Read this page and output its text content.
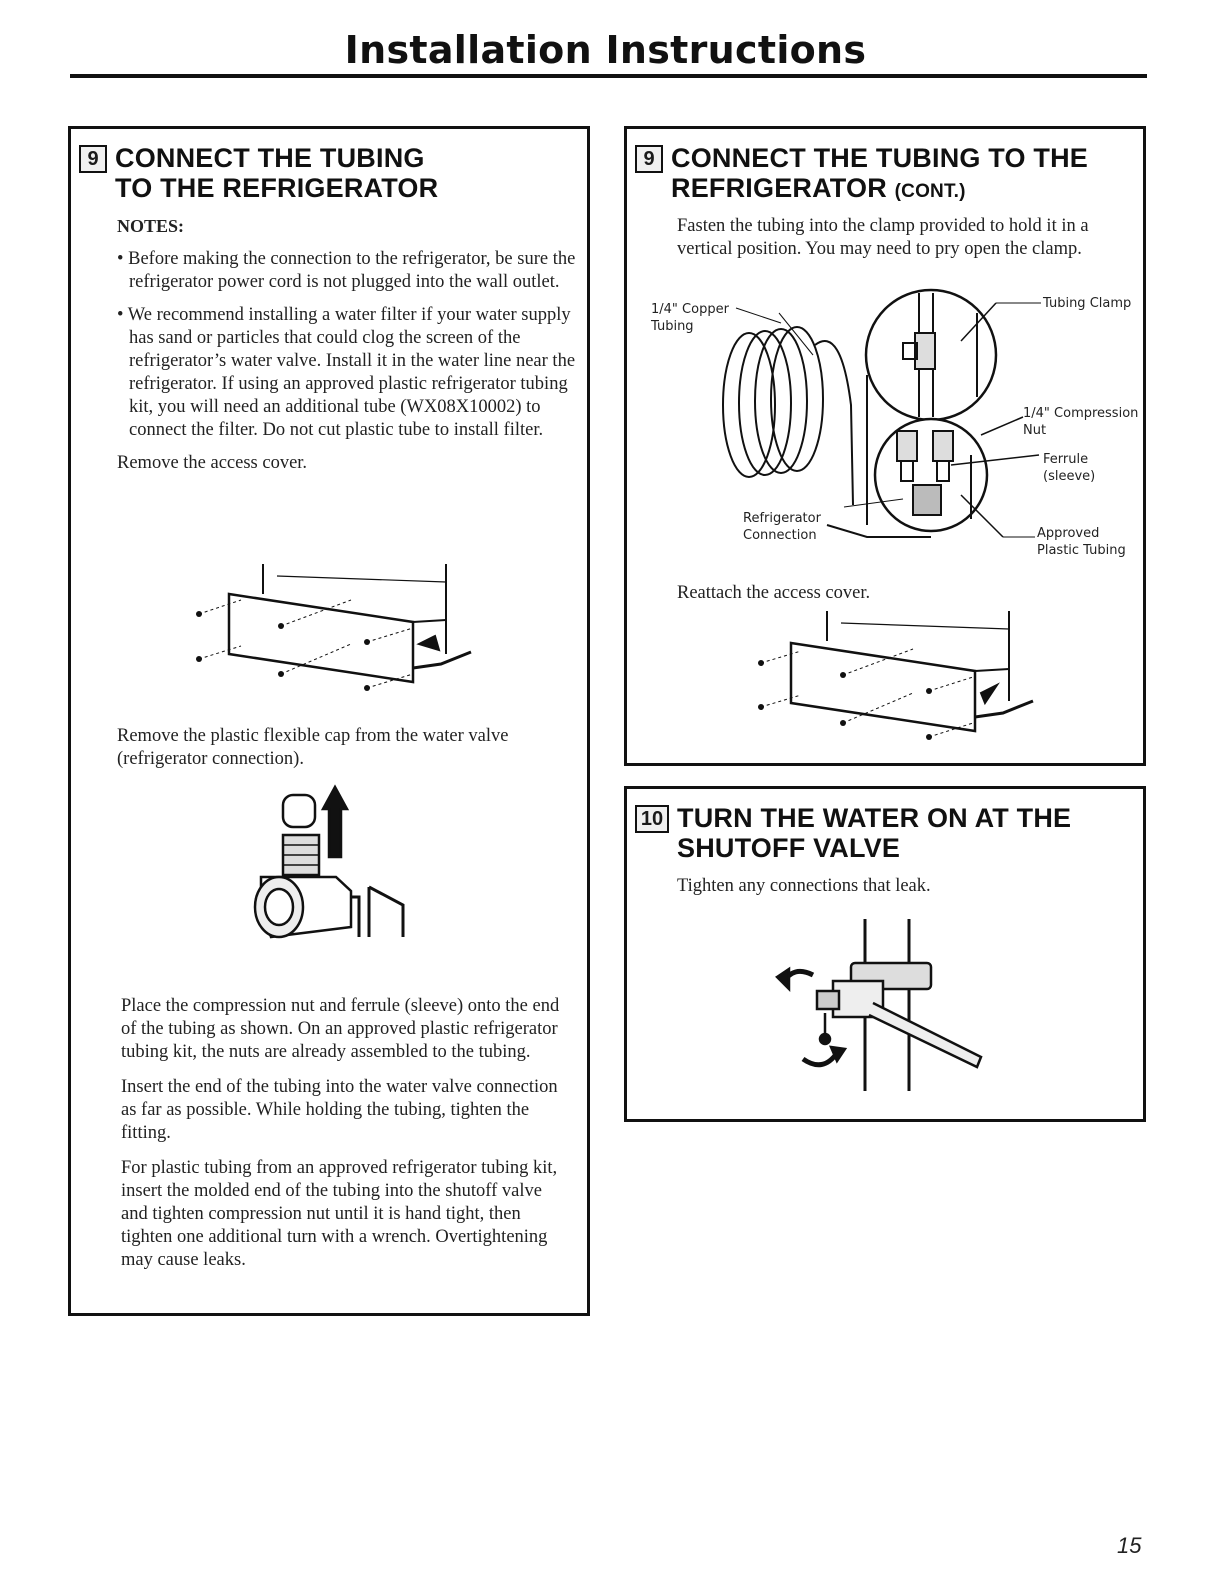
Installation Instructions
9 CONNECT THE TUBING
TO THE REFRIGERATOR

NOTES:

• Before making the connection to the refrigerator, be sure the refrigerator power cord is not plugged into the wall outlet.

• We recommend installing a water filter if your water supply has sand or particles that could clog the screen of the refrigerator’s water valve. Install it in the water line near the refrigerator. If using an approved plastic refrigerator tubing kit, you will need an additional tube (WX08X10002) to connect the filter. Do not cut plastic tube to install filter.

Remove the access cover.

Remove the plastic flexible cap from the water valve (refrigerator connection).

Place the compression nut and ferrule (sleeve) onto the end of the tubing as shown. On an approved plastic refrigerator tubing kit, the nuts are already assembled to the tubing.

Insert the end of the tubing into the water valve connection as far as possible. While holding the tubing, tighten the fitting.

For plastic tubing from an approved refrigerator tubing kit, insert the molded end of the tubing into the shutoff valve and tighten compression nut until it is hand tight, then tighten one additional turn with a wrench. Overtightening may cause leaks.

9 CONNECT THE TUBING TO THE
REFRIGERATOR (CONT.)
Fasten the tubing into the clamp provided to hold it in a vertical position. You may need to pry open the clamp.
1/4" Copper
Tubing
Tubing Clamp
1/4" Compression
Nut
Ferrule
(sleeve)
Refrigerator
Connection	Approved
Plastic Tubing
Reattach the access cover.
10 TURN THE WATER ON AT THE
SHUTOFF VALVE
Tighten any connections that leak.
15
